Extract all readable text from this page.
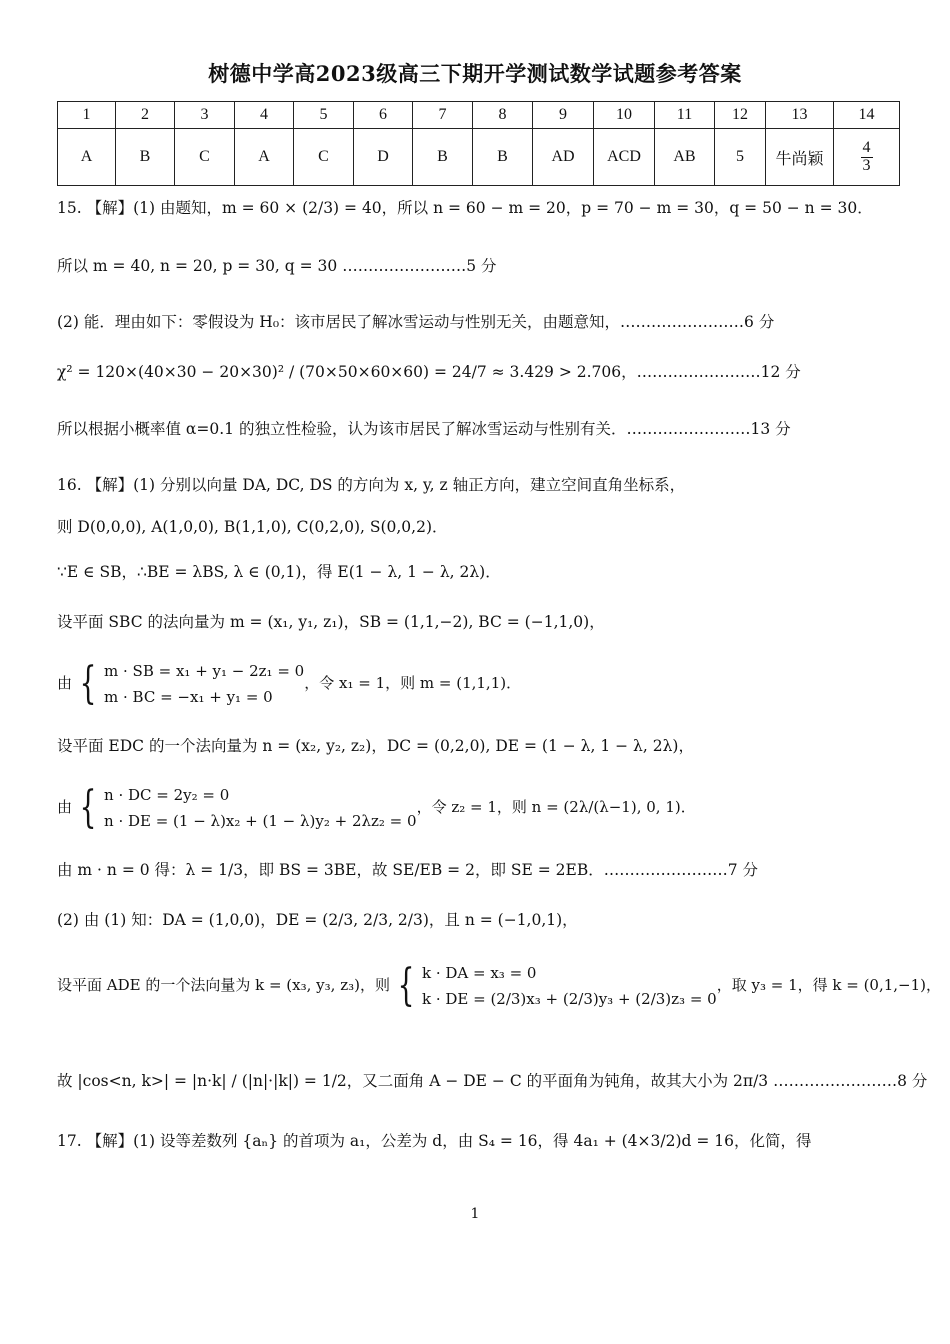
树德中学高2023级高三下期开学测试数学试题参考答案
1	2	3	4	5	6	7	8	9	10	11	12	13	14
A	B	C	A	C	D	B	B	AD	ACD	AB	5	牛尚颖	$\frac{4}{3}$
15. 【解】(1) 由题知，m = 60 × (2/3) = 40，所以 n = 60 − m = 20，p = 70 − m = 30，q = 50 − n = 30．
所以 m = 40, n = 20, p = 30, q = 30 ……………………5 分
(2) 能．理由如下：零假设为 H₀：该市居民了解冰雪运动与性别无关，由题意知，……………………6 分
χ² = 120×(40×30 − 20×30)² / (70×50×60×60) = 24/7 ≈ 3.429 > 2.706，……………………12 分
所以根据小概率值 α=0.1 的独立性检验，认为该市居民了解冰雪运动与性别有关．……………………13 分
16. 【解】(1) 分别以向量 DA, DC, DS 的方向为 x, y, z 轴正方向，建立空间直角坐标系，
则 D(0,0,0), A(1,0,0), B(1,1,0), C(0,2,0), S(0,0,2)．
∵E ∈ SB，∴BE = λBS, λ ∈ (0,1)，得 E(1 − λ, 1 − λ, 2λ)．
设平面 SBC 的法向量为 m = (x₁, y₁, z₁)，SB = (1,1,−2), BC = (−1,1,0)，
由 { m · SB = x₁ + y₁ − 2z₁ = 0
m · BC = −x₁ + y₁ = 0
，令 x₁ = 1，则 m = (1,1,1)．
设平面 EDC 的一个法向量为 n = (x₂, y₂, z₂)，DC = (0,2,0), DE = (1 − λ, 1 − λ, 2λ)，
由 { n · DC = 2y₂ = 0
n · DE = (1 − λ)x₂ + (1 − λ)y₂ + 2λz₂ = 0
，令 z₂ = 1，则 n = (2λ/(λ−1), 0, 1)．
由 m · n = 0 得：λ = 1/3，即 BS = 3BE，故 SE/EB = 2，即 SE = 2EB．……………………7 分
(2) 由 (1) 知：DA = (1,0,0)，DE = (2/3, 2/3, 2/3)，且 n = (−1,0,1)，
设平面 ADE 的一个法向量为 k = (x₃, y₃, z₃)，则 { k · DA = x₃ = 0
k · DE = (2/3)x₃ + (2/3)y₃ + (2/3)z₃ = 0
，取 y₃ = 1，得 k = (0,1,−1)，
故 |cos<n, k>| = |n·k| / (|n|·|k|) = 1/2，又二面角 A − DE − C 的平面角为钝角，故其大小为 2π/3 ……………………8 分
17. 【解】(1) 设等差数列 {aₙ} 的首项为 a₁，公差为 d，由 S₄ = 16，得 4a₁ + (4×3/2)d = 16，化简，得
1
